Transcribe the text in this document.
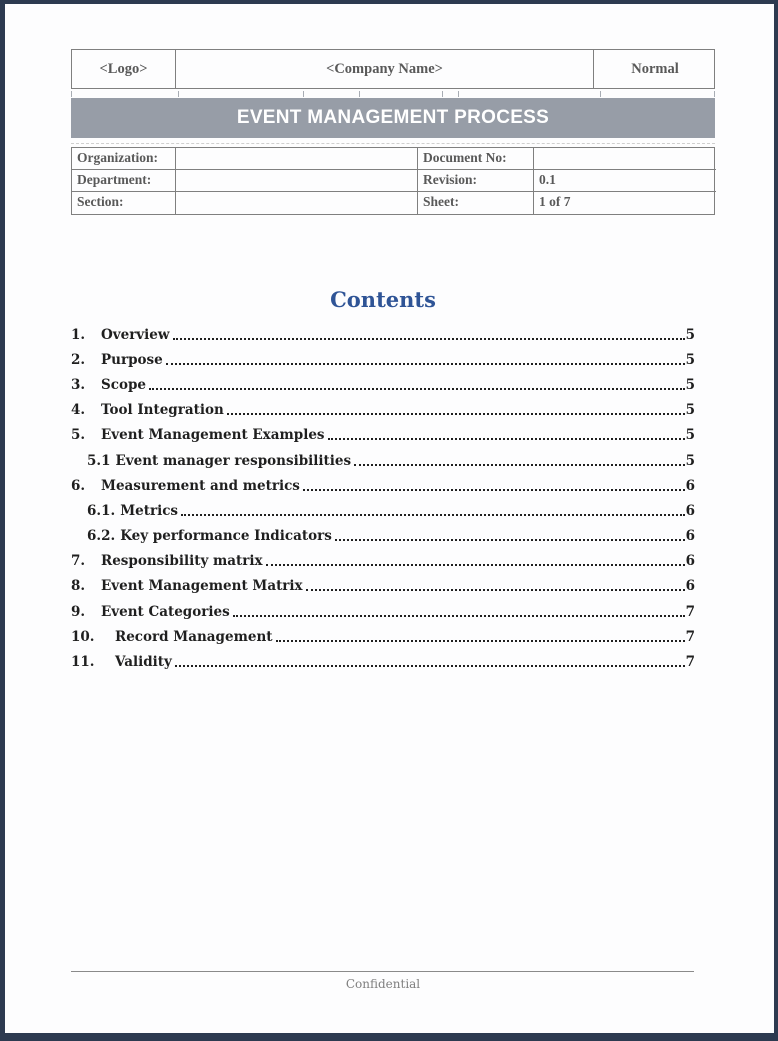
<Logo>	<Company Name>	Normal
EVENT MANAGEMENT PROCESS
Organization:	Document No:
Department:	Revision:	0.1
Section:	Sheet:	1 of 7
Contents
1.	Overview	5
2.	Purpose	5
3.	Scope	5
4.	Tool Integration	5
5.	Event Management Examples	5
5.1 Event manager responsibilities	5
6.	Measurement and metrics	6
6.1. Metrics	6
6.2. Key performance Indicators	6
7.	Responsibility matrix	6
8.	Event Management Matrix	6
9.	Event Categories	7
10.	Record Management	7
11.	Validity	7
Confidential
